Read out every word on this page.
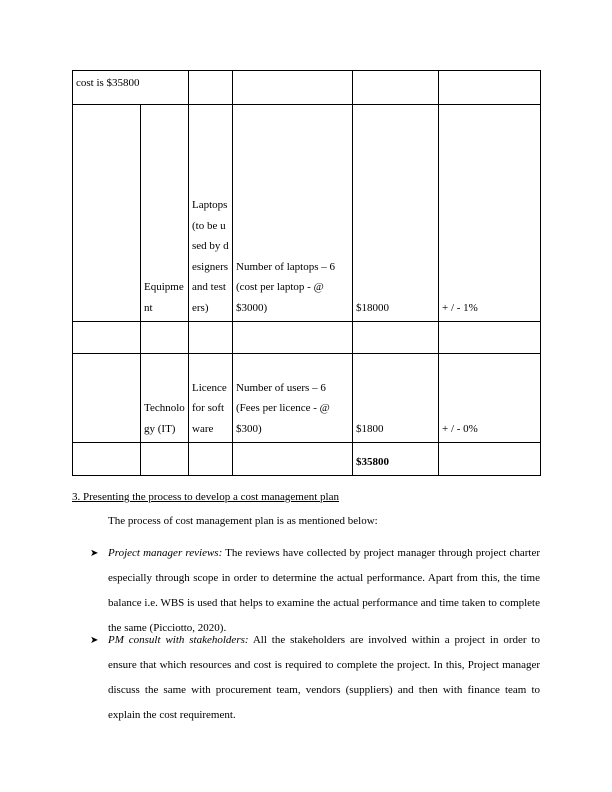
cost is $35800					
	Equipment	Laptops (to be used by designers and testers)	Number of laptops – 6 (cost per laptop - @ $3000)	$18000	+ / - 1%

	Technology (IT)	Licence for software	Number of users – 6 (Fees per licence - @ $300)	$1800	+ / - 0%
				$35800	
3. Presenting the process to develop a cost management plan
The process of cost management plan is as mentioned below:
➤ Project manager reviews: The reviews have collected by project manager through project charter especially through scope in order to determine the actual performance. Apart from this, the time balance i.e. WBS is used that helps to examine the actual performance and time taken to complete the same (Picciotto, 2020).
➤ PM consult with stakeholders: All the stakeholders are involved within a project in order to ensure that which resources and cost is required to complete the project. In this, Project manager discuss the same with procurement team, vendors (suppliers) and then with finance team to explain the cost requirement.
